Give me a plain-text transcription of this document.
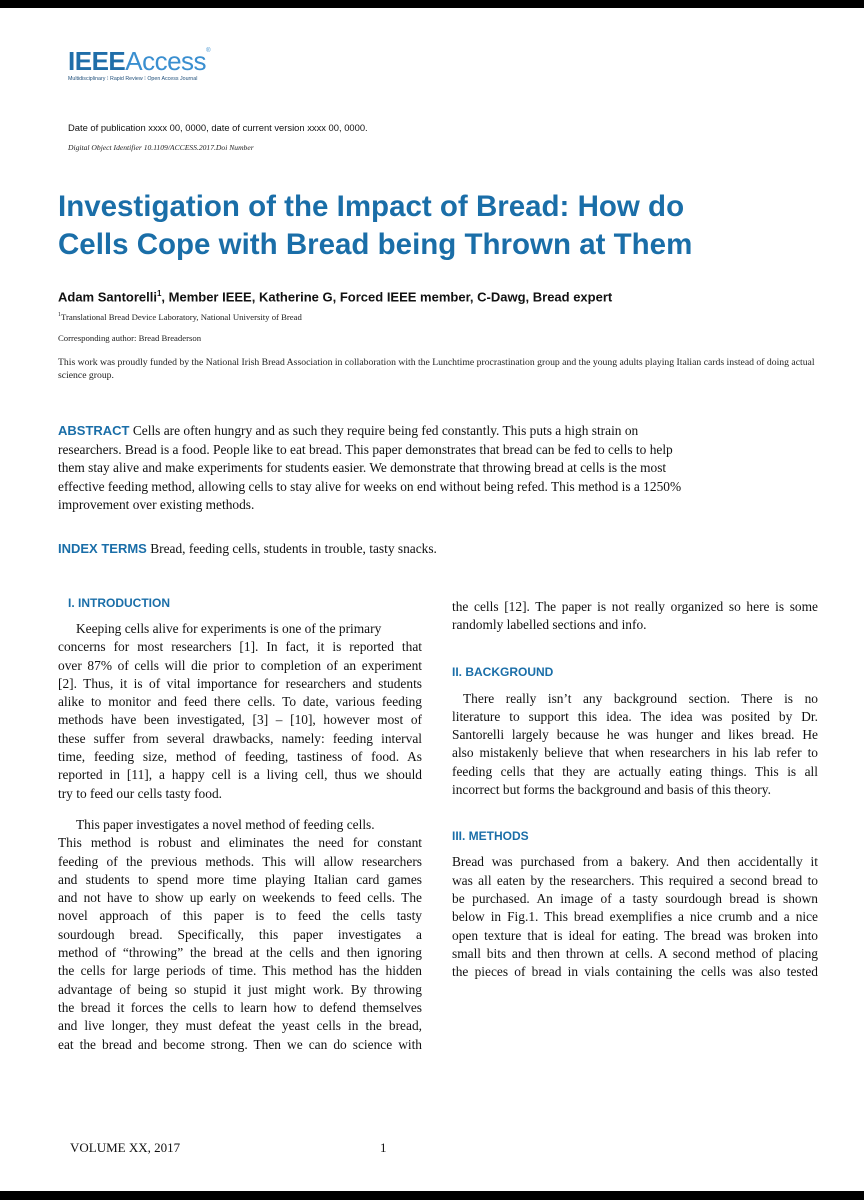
IEEEAccess®
Multidisciplinary ⁝ Rapid Review ⁝ Open Access Journal
Date of publication xxxx 00, 0000, date of current version xxxx 00, 0000.
Digital Object Identifier 10.1109/ACCESS.2017.Doi Number
Investigation of the Impact of Bread: How do
Cells Cope with Bread being Thrown at Them
Adam Santorelli$^1$, Member IEEE, Katherine G, Forced IEEE member, C-Dawg, Bread expert
$^1$Translational Bread Device Laboratory, National University of Bread
Corresponding author: Bread Breaderson
This work was proudly funded by the National Irish Bread Association in collaboration with the Lunchtime procrastination group and the young adults playing Italian cards instead of doing actual science group.
ABSTRACT Cells are often hungry and as such they require being fed constantly. This puts a high strain on
researchers. Bread is a food. People like to eat bread. This paper demonstrates that bread can be fed to cells to help
them stay alive and make experiments for students easier. We demonstrate that throwing bread at cells is the most
effective feeding method, allowing cells to stay alive for weeks on end without being refed. This method is a 1250%
improvement over existing methods.
INDEX TERMS Bread, feeding cells, students in trouble, tasty snacks.
I. INTRODUCTION
Keeping cells alive for experiments is one of the primary
concerns for most researchers [1]. In fact, it is reported that
over 87% of cells will die prior to completion of an experiment
[2]. Thus, it is of vital importance for researchers and students
alike to monitor and feed there cells. To date, various feeding
methods have been investigated, [3] – [10], however most of
these suffer from several drawbacks, namely: feeding interval
time, feeding size, method of feeding, tastiness of food. As
reported in [11], a happy cell is a living cell, thus we should
try to feed our cells tasty food.
This paper investigates a novel method of feeding cells.
This method is robust and eliminates the need for constant
feeding of the previous methods. This will allow researchers
and students to spend more time playing Italian card games
and not have to show up early on weekends to feed cells. The
novel approach of this paper is to feed the cells tasty
sourdough bread. Specifically, this paper investigates a
method of “throwing” the bread at the cells and then ignoring
the cells for large periods of time. This method has the hidden
advantage of being so stupid it just might work. By throwing
the bread it forces the cells to learn how to defend themselves
and live longer, they must defeat the yeast cells in the bread,
eat the bread and become strong. Then we can do science with
the cells [12]. The paper is not really organized so here is some
randomly labelled sections and info.
II. BACKGROUND
There really isn’t any background section. There is no
literature to support this idea. The idea was posited by Dr.
Santorelli largely because he was hunger and likes bread. He
also mistakenly believe that when researchers in his lab refer to
feeding cells that they are actually eating things. This is all
incorrect but forms the background and basis of this theory.
III. METHODS
Bread was purchased from a bakery. And then accidentally it
was all eaten by the researchers. This required a second bread to
be purchased. An image of a tasty sourdough bread is shown
below in Fig.1. This bread exemplifies a nice crumb and a nice
open texture that is ideal for eating. The bread was broken into
small bits and then thrown at cells. A second method of placing
the pieces of bread in vials containing the cells was also tested
VOLUME XX, 2017	1
